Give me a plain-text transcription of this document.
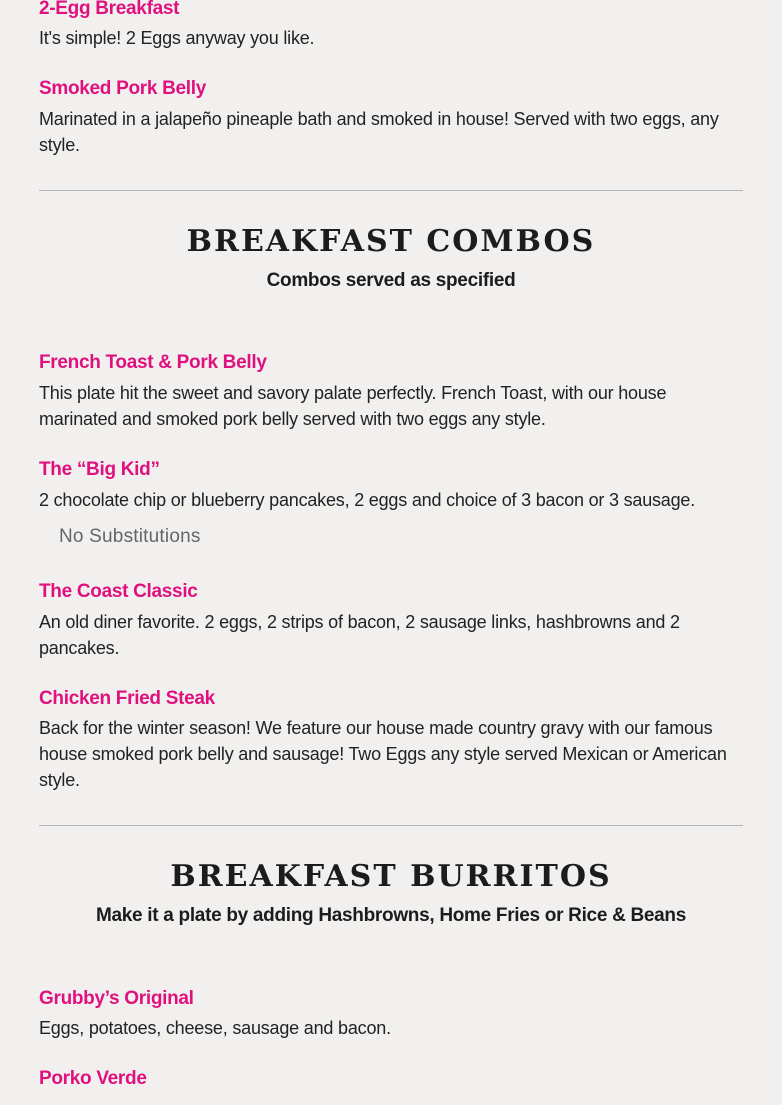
2-Egg Breakfast

It's simple! 2 Eggs anyway you like.

Smoked Pork Belly

Marinated in a jalapeño pineaple bath and smoked in house! Served with two eggs, any style.

BREAKFAST COMBOS

Combos served as specified

French Toast & Pork Belly

This plate hit the sweet and savory palate perfectly. French Toast, with our house marinated and smoked pork belly served with two eggs any style.

The “Big Kid”

2 chocolate chip or blueberry pancakes, 2 eggs and choice of 3 bacon or 3 sausage.

No Substitutions

The Coast Classic

An old diner favorite. 2 eggs, 2 strips of bacon, 2 sausage links, hashbrowns and 2 pancakes.

Chicken Fried Steak

Back for the winter season! We feature our house made country gravy with our famous house smoked pork belly and sausage! Two Eggs any style served Mexican or American style.

BREAKFAST BURRITOS

Make it a plate by adding Hashbrowns, Home Fries or Rice & Beans

Grubby’s Original

Eggs, potatoes, cheese, sausage and bacon.

Porko Verde
